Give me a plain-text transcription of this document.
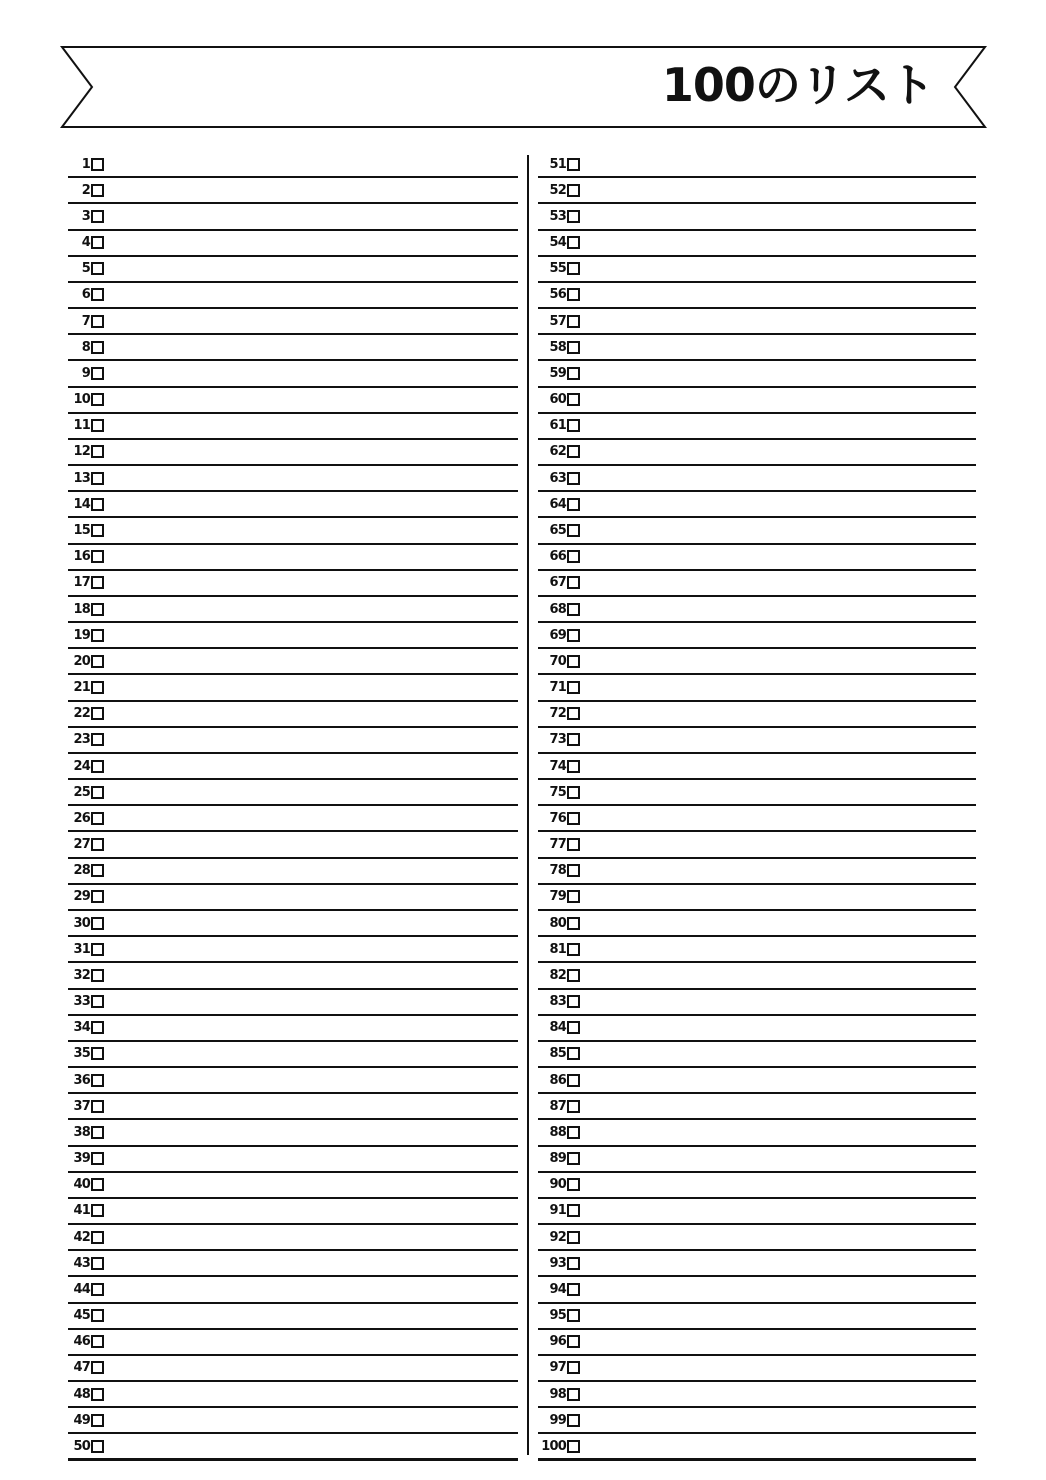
100のリスト
1
2
3
4
5
6
7
8
9
10
11
12
13
14
15
16
17
18
19
20
21
22
23
24
25
26
27
28
29
30
31
32
33
34
35
36
37
38
39
40
41
42
43
44
45
46
47
48
49
50
51
52
53
54
55
56
57
58
59
60
61
62
63
64
65
66
67
68
69
70
71
72
73
74
75
76
77
78
79
80
81
82
83
84
85
86
87
88
89
90
91
92
93
94
95
96
97
98
99
100
